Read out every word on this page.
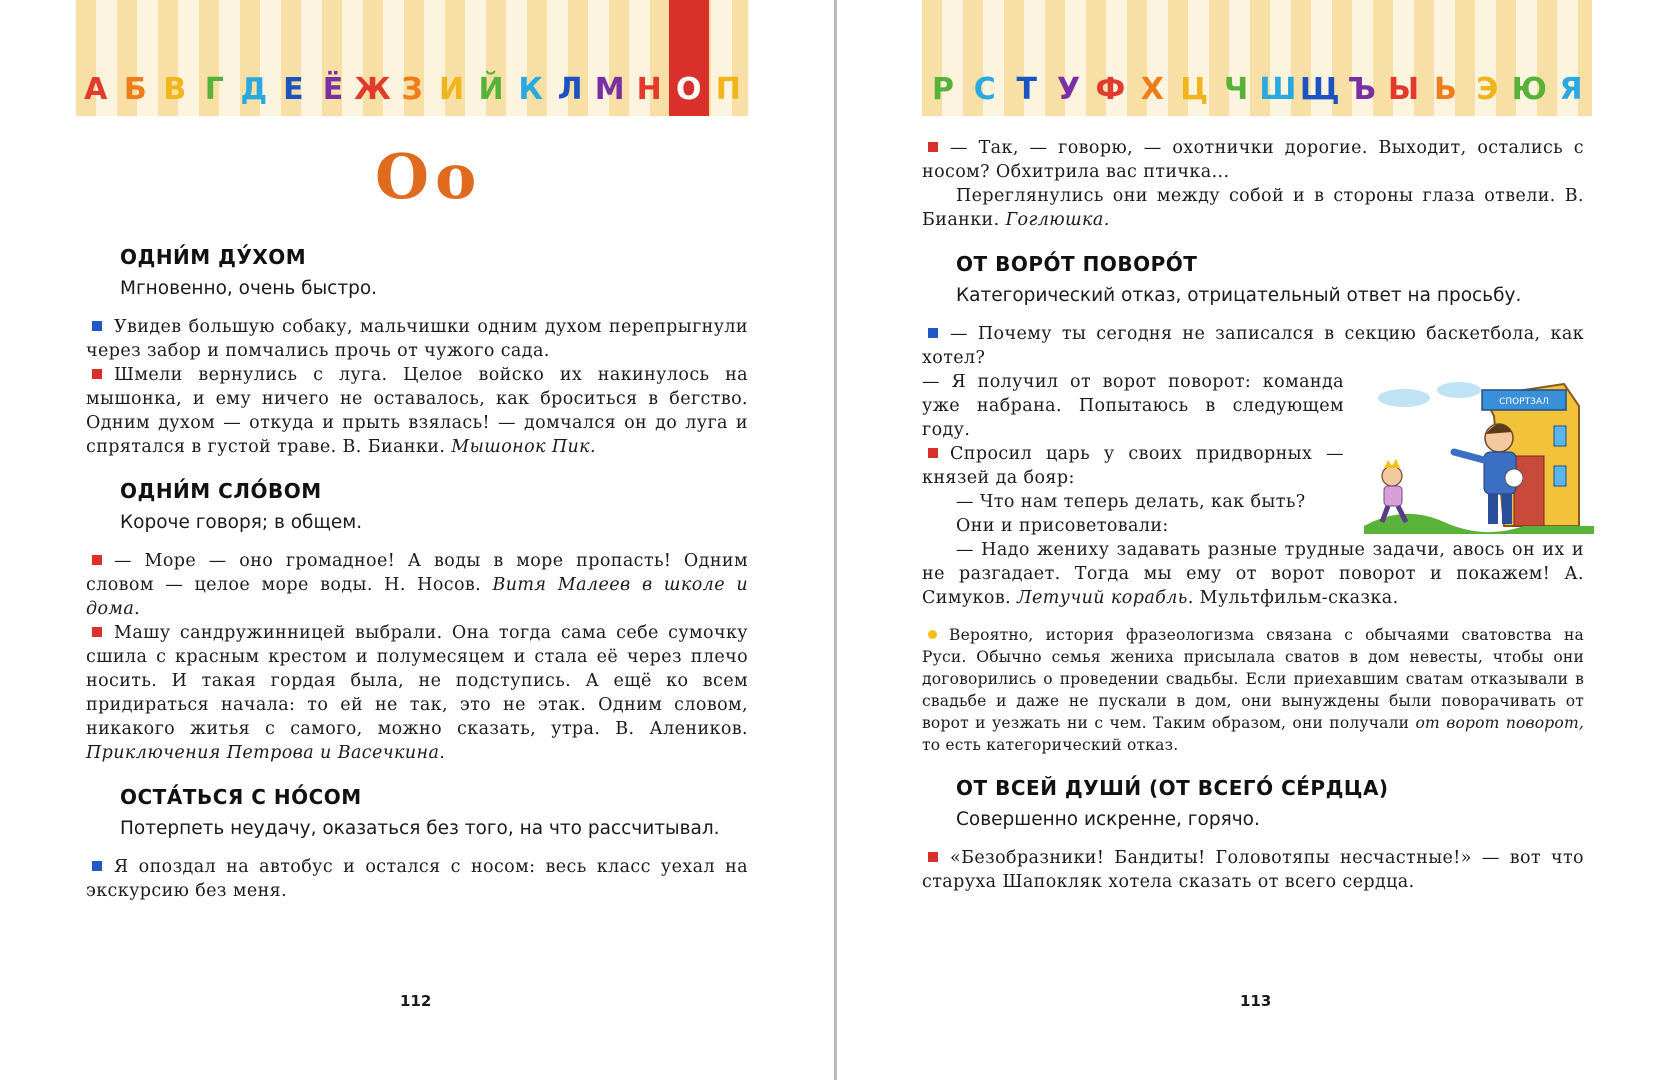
А Б В Г Д Е Ё Ж З И Й К Л М Н О П
Оо
ОДНИ́М ДУ́ХОМ
Мгновенно, очень быстро.

Увидев большую собаку, мальчишки одним духом перепрыгнули через забор и помчались прочь от чужого сада.

Шмели вернулись с луга. Целое войско их накинулось на мышонка, и ему ничего не оставалось, как броситься в бегство. Одним духом — откуда и прыть взялась! — домчался он до луга и спрятался в густой траве. В. Бианки. Мышонок Пик.

ОДНИ́М СЛО́ВОМ
Короче говоря; в общем.

— Море — оно громадное! А воды в море пропасть! Одним словом — целое море воды. Н. Носов. Витя Малеев в школе и дома.

Машу сандружинницей выбрали. Она тогда сама себе сумочку сшила с красным крестом и полумесяцем и стала её через плечо носить. И такая гордая была, не подступись. А ещё ко всем придираться начала: то ей не так, это не этак. Одним словом, никакого житья с самого, можно сказать, утра. В. Алеников. Приключения Петрова и Васечкина.

ОСТА́ТЬСЯ С НО́СОМ
Потерпеть неудачу, оказаться без того, на что рассчитывал.

Я опоздал на автобус и остался с носом: весь класс уехал на экскурсию без меня.

112
Р С Т У Ф Х Ц Ч Ш Щ Ъ Ы Ь Э Ю Я

— Так, — говорю, — охотнички дорогие. Выходит, остались с носом? Обхитрила вас птичка...

Переглянулись они между собой и в стороны глаза отвели. В. Бианки. Гоглюшка.

ОТ ВОРО́Т ПОВОРО́Т
Категорический отказ, отрицательный ответ на просьбу.

— Почему ты сегодня не записался в секцию баскетбола, как хотел?

СПОРТЗАЛ

— Я получил от ворот поворот: команда уже набрана. Попытаюсь в следующем году.

Спросил царь у своих придворных — князей да бояр:

— Что нам теперь делать, как быть?

Они и присоветовали:

— Надо жениху задавать разные трудные задачи, авось он их и не разгадает. Тогда мы ему от ворот поворот и покажем! А. Симуков. Летучий корабль. Мультфильм-сказка.

Вероятно, история фразеологизма связана с обычаями сватовства на Руси. Обычно семья жениха присылала сватов в дом невесты, чтобы они договорились о проведении свадьбы. Если приехавшим сватам отказывали в свадьбе и даже не пускали в дом, они вынуждены были поворачивать от ворот и уезжать ни с чем. Таким образом, они получали от ворот поворот, то есть категорический отказ.

ОТ ВСЕЙ ДУШИ́ (ОТ ВСЕГО́ СЕ́РДЦА)
Совершенно искренне, горячо.

«Безобразники! Бандиты! Головотяпы несчастные!» — вот что старуха Шапокляк хотела сказать от всего сердца.

113
